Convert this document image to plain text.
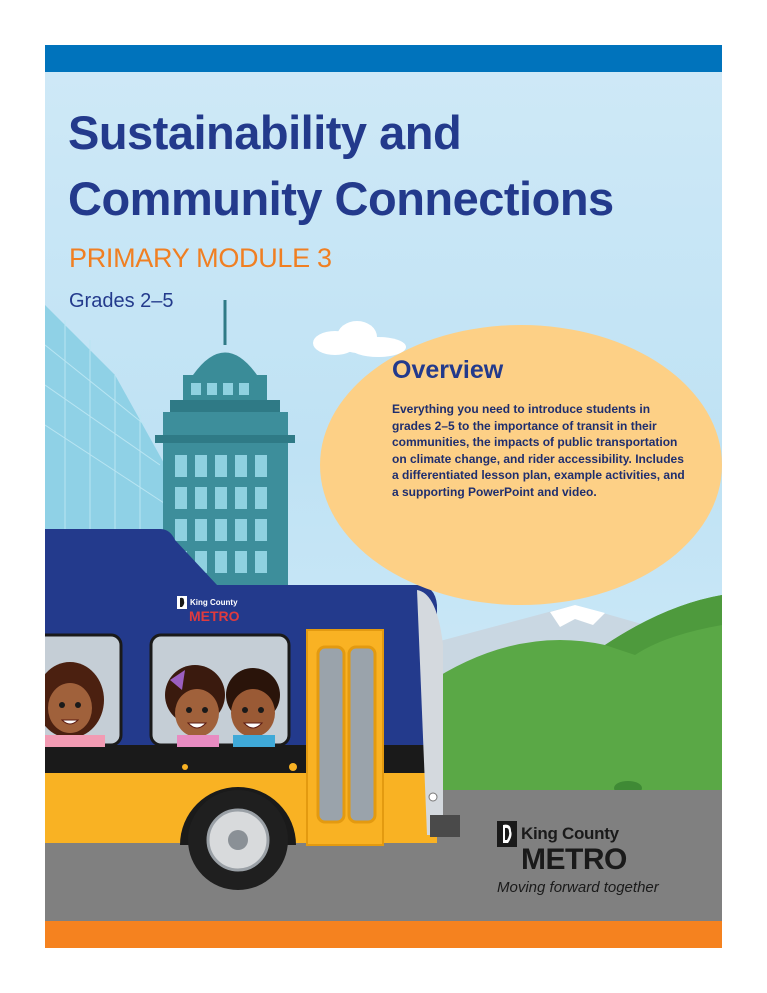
Sustainability and
Community Connections
PRIMARY MODULE 3
Grades 2–5
Overview
Everything you need to introduce students in grades 2–5 to the importance of transit in their communities, the impacts of public transportation on climate change, and rider accessibility. Includes a differentiated lesson plan, example activities, and a supporting PowerPoint and video.
King County
METRO
King County
METRO
Moving forward together
